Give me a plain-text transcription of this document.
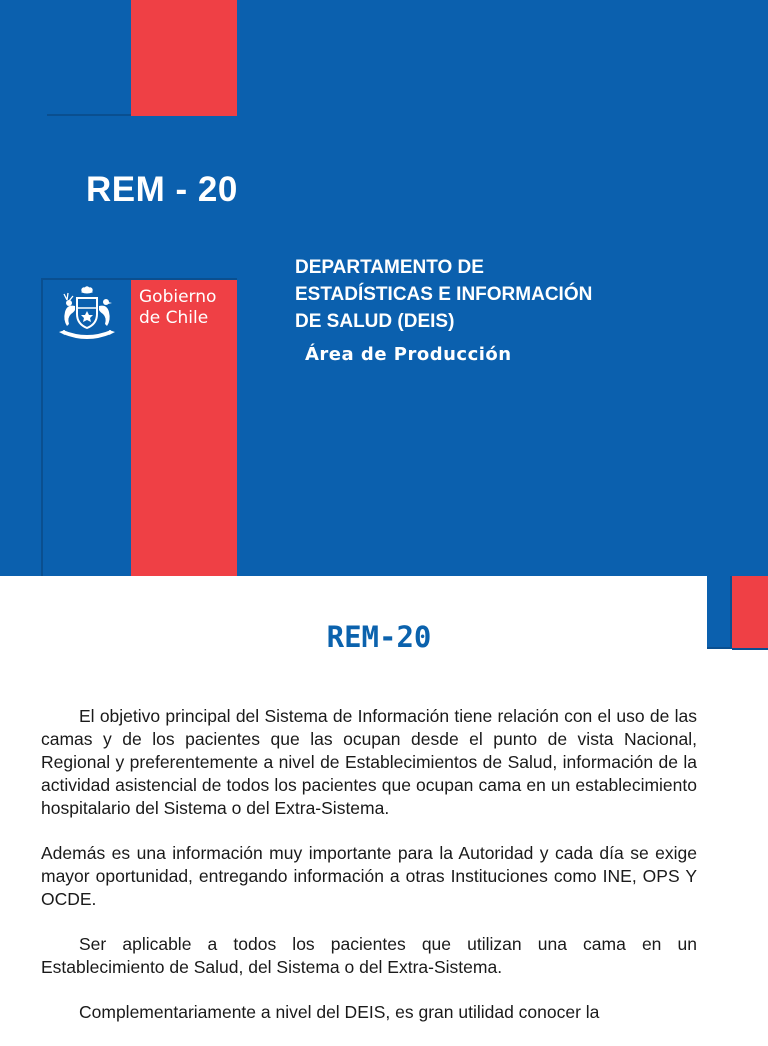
REM - 20
Gobierno
de Chile
DEPARTAMENTO DE
ESTADÍSTICAS E INFORMACIÓN
DE SALUD (DEIS)
Área de Producción
REM-20

El objetivo principal del Sistema de Información tiene relación con el uso de las camas y de los pacientes que las ocupan desde el punto de vista Nacional, Regional y preferentemente a nivel de Establecimientos de Salud, información de la actividad asistencial de todos los pacientes que ocupan cama en un establecimiento hospitalario del Sistema o del Extra-Sistema.

Además es una información muy importante para la Autoridad y cada día se exige mayor oportunidad, entregando información a otras Instituciones como INE, OPS Y OCDE.

Ser aplicable a todos los pacientes que utilizan una cama en un Establecimiento de Salud, del Sistema o del Extra-Sistema.

Complementariamente a nivel del DEIS, es gran utilidad conocer la
